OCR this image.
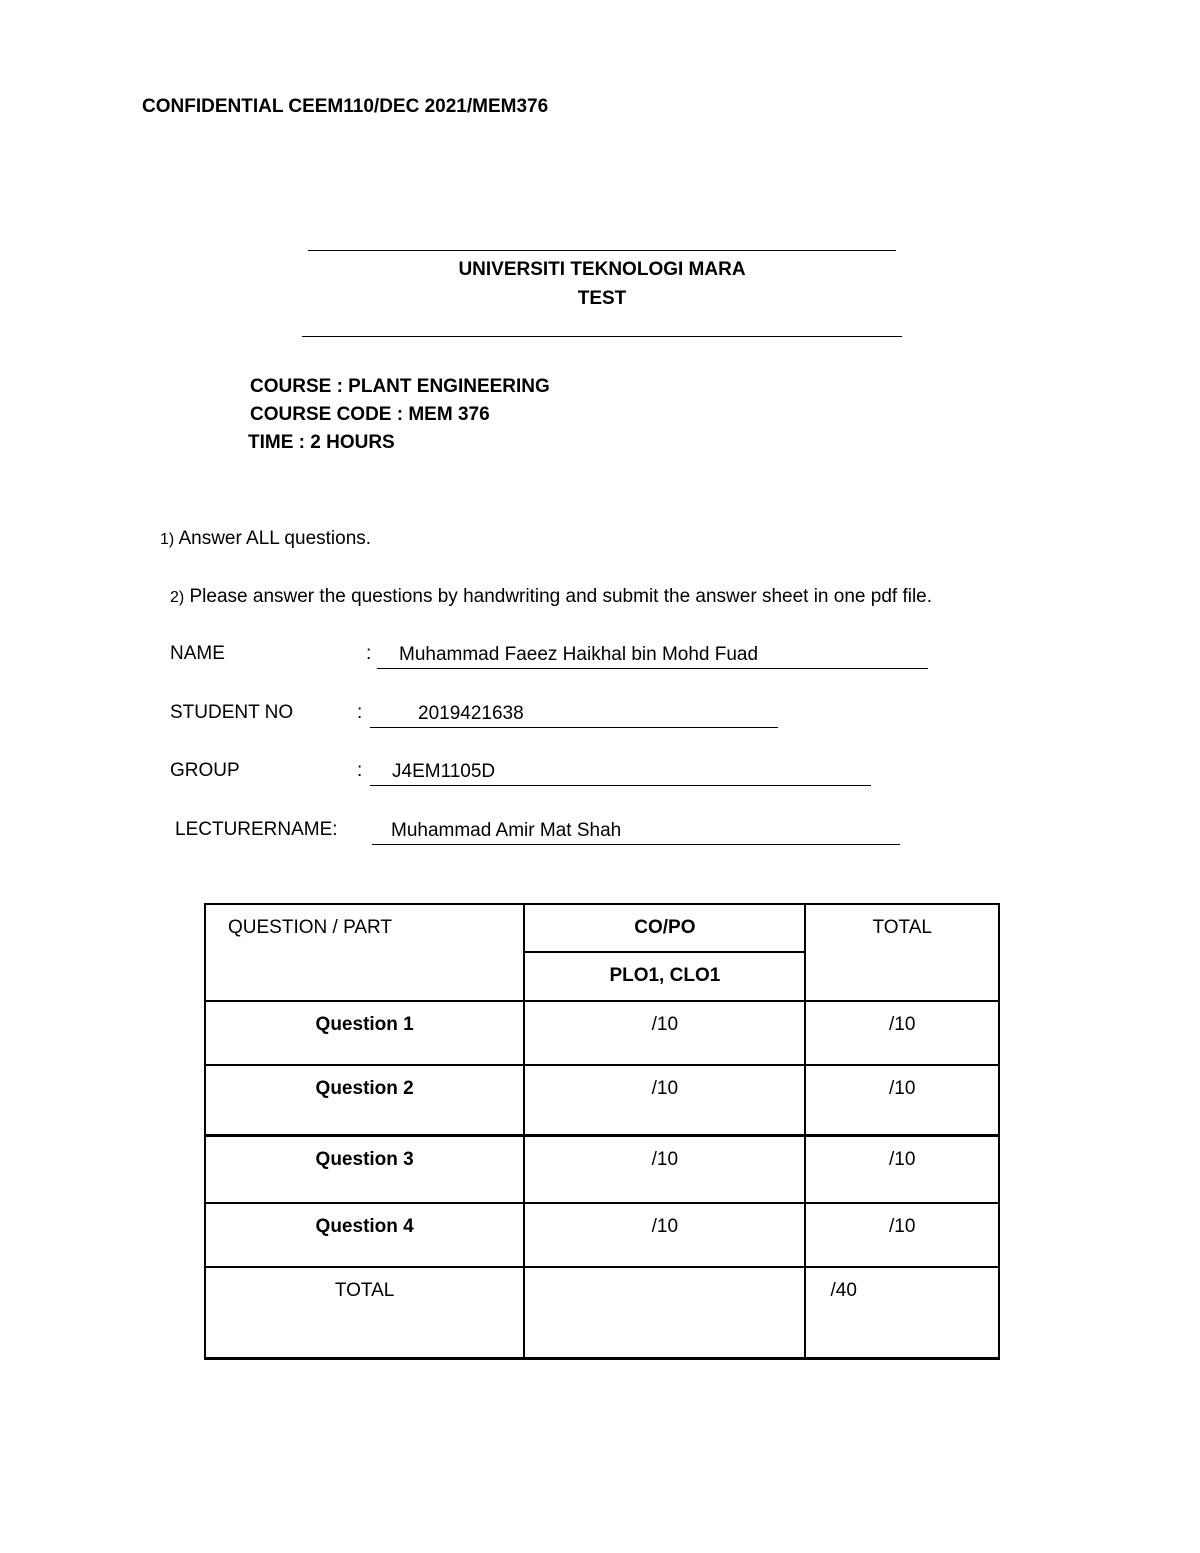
CONFIDENTIAL CEEM110/DEC 2021/MEM376
UNIVERSITI TEKNOLOGI MARA
TEST
COURSE : PLANT ENGINEERING
COURSE CODE : MEM 376
TIME : 2 HOURS
1) Answer ALL questions.
2) Please answer the questions by handwriting and submit the answer sheet in one pdf file.
NAME	:	Muhammad Faeez Haikhal bin Mohd Fuad
STUDENT NO	:	2019421638
GROUP	:	J4EM1105D
LECTURERNAME:	Muhammad Amir Mat Shah
QUESTION / PART	CO/PO	TOTAL

	PLO1, CLO1	

Question 1	/10	/10

Question 2	/10	/10

Question 3	/10	/10

Question 4	/10	/10

TOTAL		/40
